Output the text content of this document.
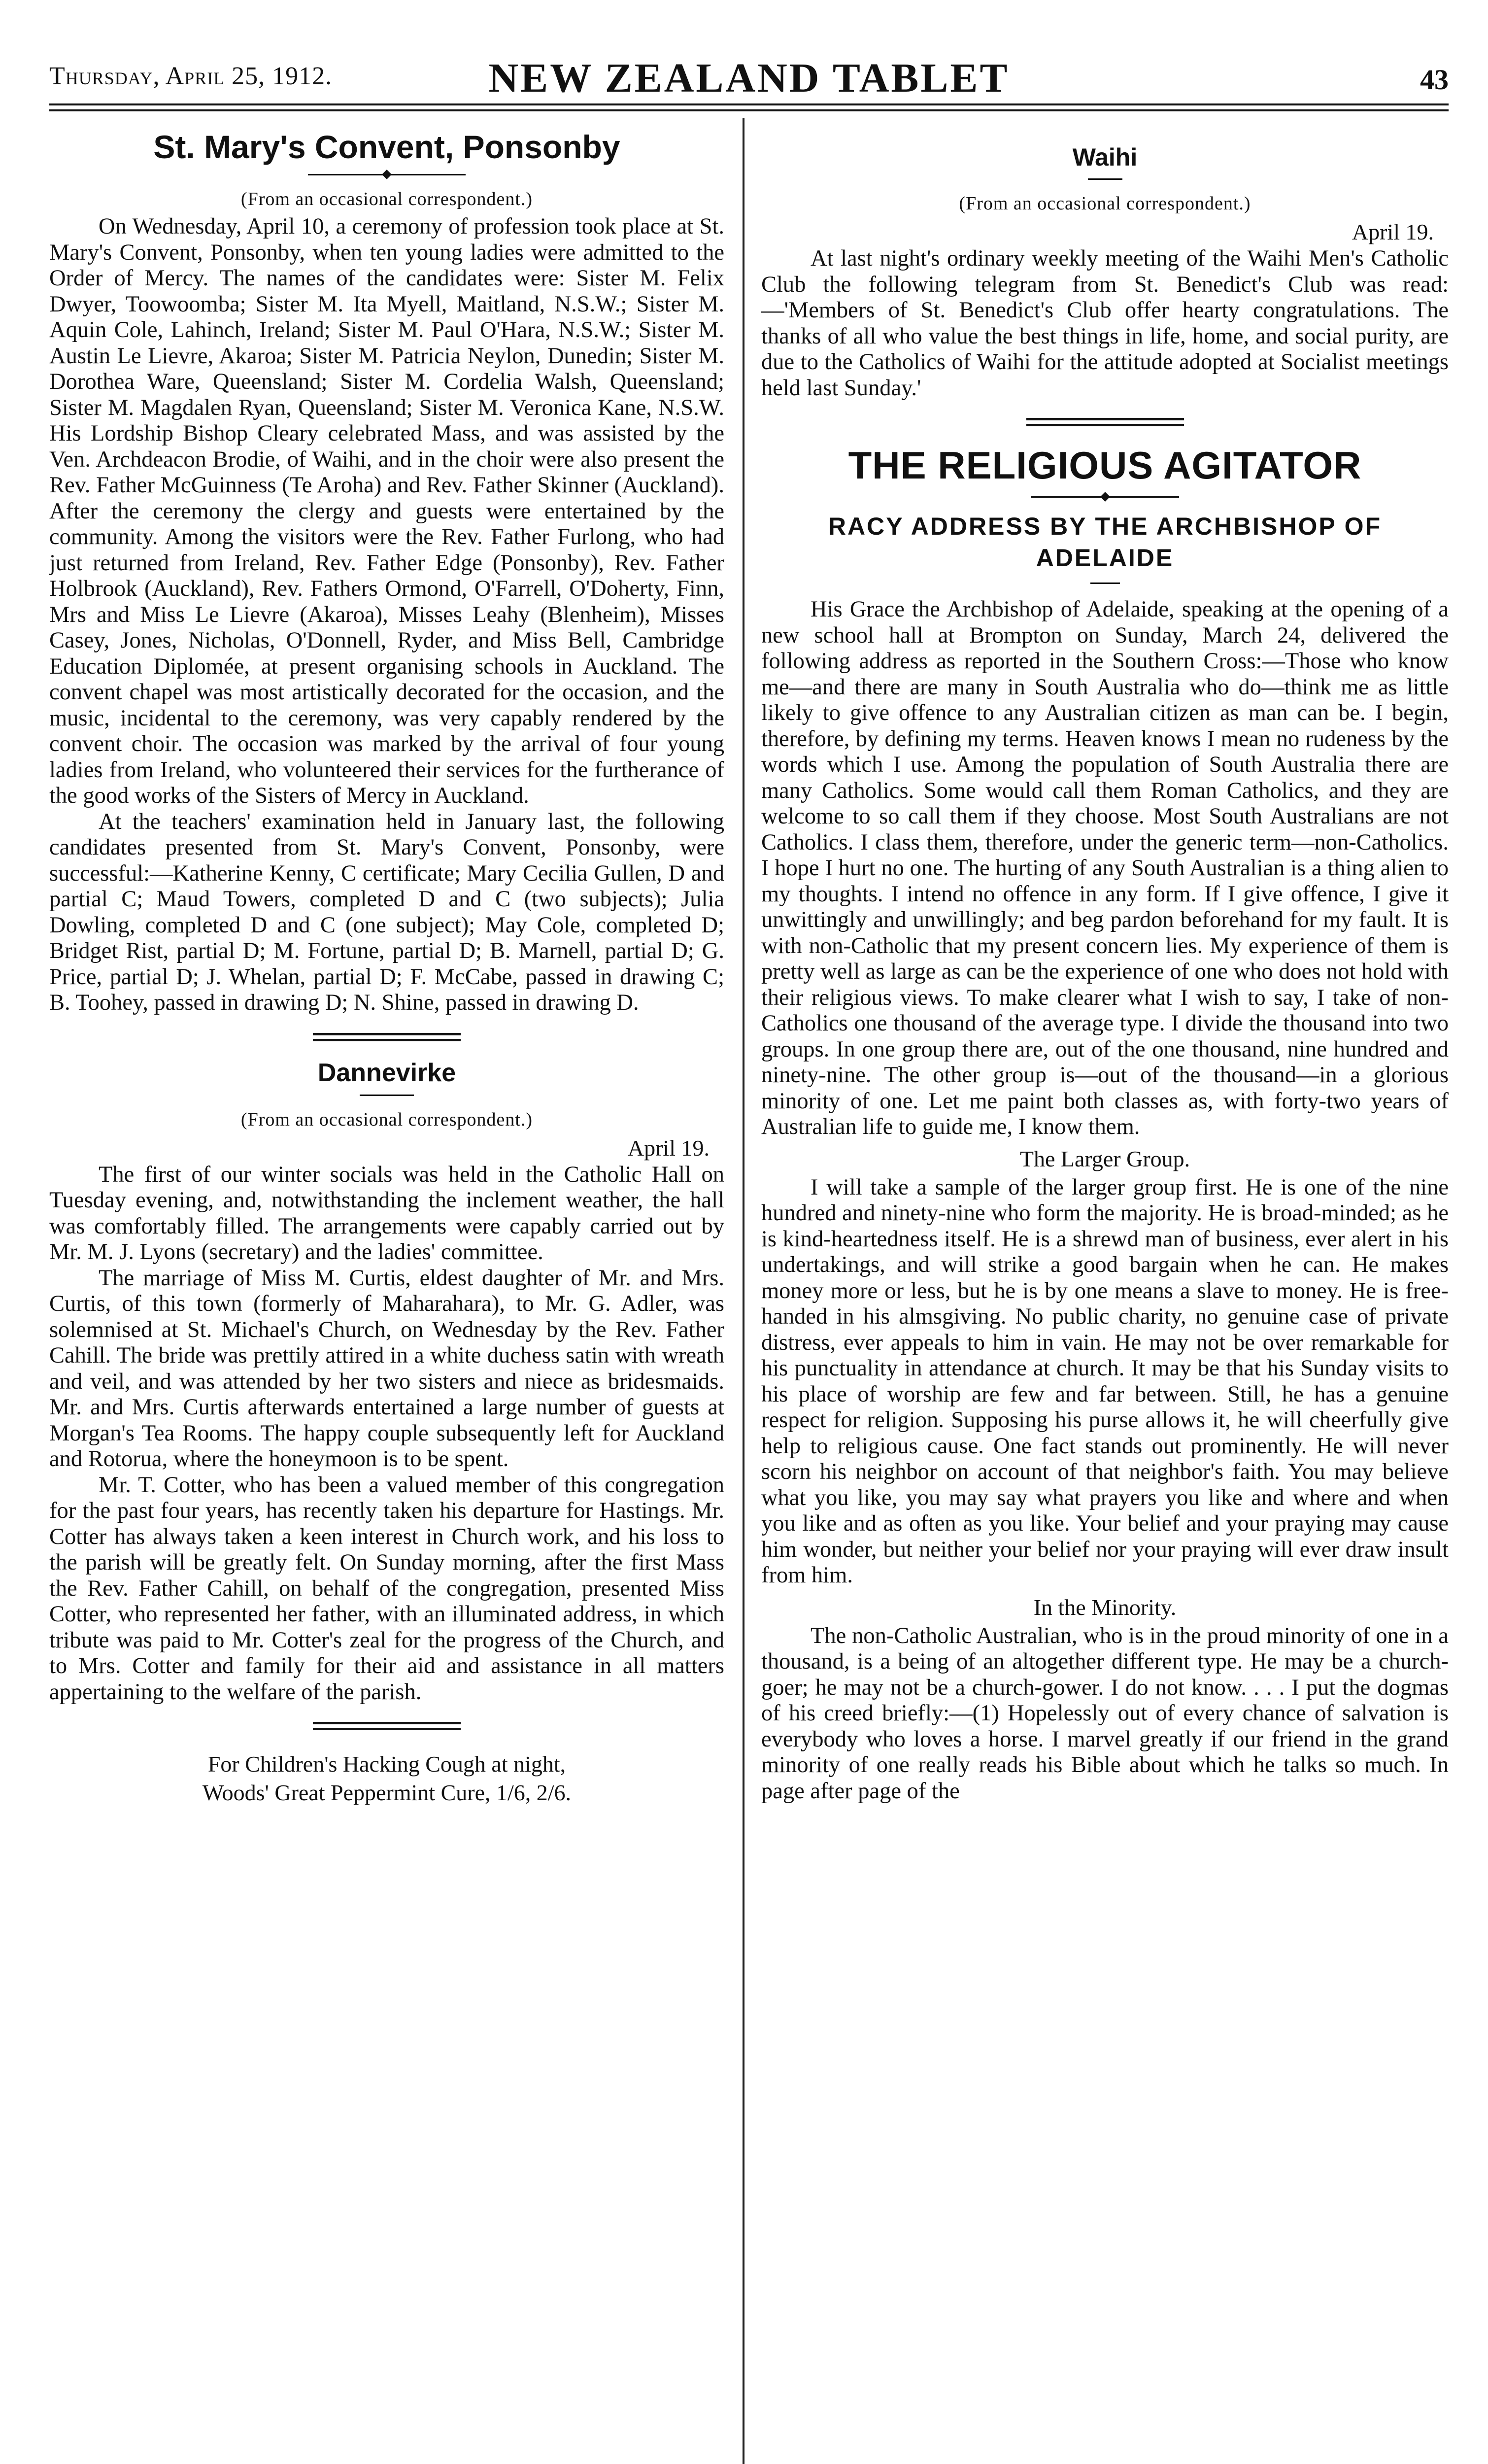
Thursday, April 25, 1912.	NEW ZEALAND TABLET	43
St. Mary's Convent, Ponsonby
(From an occasional correspondent.)

On Wednesday, April 10, a ceremony of profession took place at St. Mary's Convent, Ponsonby, when ten young ladies were admitted to the Order of Mercy. The names of the candidates were: Sister M. Felix Dwyer, Toowoomba; Sister M. Ita Myell, Maitland, N.S.W.; Sister M. Aquin Cole, Lahinch, Ireland; Sister M. Paul O'Hara, N.S.W.; Sister M. Austin Le Lievre, Akaroa; Sister M. Patricia Neylon, Dunedin; Sister M. Dorothea Ware, Queensland; Sister M. Cordelia Walsh, Queensland; Sister M. Magdalen Ryan, Queensland; Sister M. Veronica Kane, N.S.W. His Lordship Bishop Cleary celebrated Mass, and was assisted by the Ven. Archdeacon Brodie, of Waihi, and in the choir were also present the Rev. Father McGuinness (Te Aroha) and Rev. Father Skinner (Auckland). After the ceremony the clergy and guests were entertained by the community. Among the visitors were the Rev. Father Furlong, who had just returned from Ireland, Rev. Father Edge (Ponsonby), Rev. Father Holbrook (Auckland), Rev. Fathers Ormond, O'Farrell, O'Doherty, Finn, Mrs and Miss Le Lievre (Akaroa), Misses Leahy (Blenheim), Misses Casey, Jones, Nicholas, O'Donnell, Ryder, and Miss Bell, Cambridge Education Diplomée, at present organising schools in Auckland. The convent chapel was most artistically decorated for the occasion, and the music, incidental to the ceremony, was very capably rendered by the convent choir. The occasion was marked by the arrival of four young ladies from Ireland, who volunteered their services for the furtherance of the good works of the Sisters of Mercy in Auckland.

At the teachers' examination held in January last, the following candidates presented from St. Mary's Convent, Ponsonby, were successful:—Katherine Kenny, C certificate; Mary Cecilia Gullen, D and partial C; Maud Towers, completed D and C (two subjects); Julia Dowling, completed D and C (one subject); May Cole, completed D; Bridget Rist, partial D; M. Fortune, partial D; B. Marnell, partial D; G. Price, partial D; J. Whelan, partial D; F. McCabe, passed in drawing C; B. Toohey, passed in drawing D; N. Shine, passed in drawing D.

Dannevirke
(From an occasional correspondent.)
April 19.

The first of our winter socials was held in the Catholic Hall on Tuesday evening, and, notwithstanding the inclement weather, the hall was comfortably filled. The arrangements were capably carried out by Mr. M. J. Lyons (secretary) and the ladies' committee.

The marriage of Miss M. Curtis, eldest daughter of Mr. and Mrs. Curtis, of this town (formerly of Maharahara), to Mr. G. Adler, was solemnised at St. Michael's Church, on Wednesday by the Rev. Father Cahill. The bride was prettily attired in a white duchess satin with wreath and veil, and was attended by her two sisters and niece as bridesmaids. Mr. and Mrs. Curtis afterwards entertained a large number of guests at Morgan's Tea Rooms. The happy couple subsequently left for Auckland and Rotorua, where the honeymoon is to be spent.

Mr. T. Cotter, who has been a valued member of this congregation for the past four years, has recently taken his departure for Hastings. Mr. Cotter has always taken a keen interest in Church work, and his loss to the parish will be greatly felt. On Sunday morning, after the first Mass the Rev. Father Cahill, on behalf of the congregation, presented Miss Cotter, who represented her father, with an illuminated address, in which tribute was paid to Mr. Cotter's zeal for the progress of the Church, and to Mrs. Cotter and family for their aid and assistance in all matters appertaining to the welfare of the parish.

For Children's Hacking Cough at night,
Woods' Great Peppermint Cure, 1/6, 2/6.
Waihi
(From an occasional correspondent.)
April 19.

At last night's ordinary weekly meeting of the Waihi Men's Catholic Club the following telegram from St. Benedict's Club was read:—'Members of St. Benedict's Club offer hearty congratulations. The thanks of all who value the best things in life, home, and social purity, are due to the Catholics of Waihi for the attitude adopted at Socialist meetings held last Sunday.'

THE RELIGIOUS AGITATOR
RACY ADDRESS BY THE ARCHBISHOP OF ADELAIDE

His Grace the Archbishop of Adelaide, speaking at the opening of a new school hall at Brompton on Sunday, March 24, delivered the following address as reported in the Southern Cross:—Those who know me—and there are many in South Australia who do—think me as little likely to give offence to any Australian citizen as man can be. I begin, therefore, by defining my terms. Heaven knows I mean no rudeness by the words which I use. Among the population of South Australia there are many Catholics. Some would call them Roman Catholics, and they are welcome to so call them if they choose. Most South Australians are not Catholics. I class them, therefore, under the generic term—non-Catholics. I hope I hurt no one. The hurting of any South Australian is a thing alien to my thoughts. I intend no offence in any form. If I give offence, I give it unwittingly and unwillingly; and beg pardon beforehand for my fault. It is with non-Catholic that my present concern lies. My experience of them is pretty well as large as can be the experience of one who does not hold with their religious views. To make clearer what I wish to say, I take of non-Catholics one thousand of the average type. I divide the thousand into two groups. In one group there are, out of the one thousand, nine hundred and ninety-nine. The other group is—out of the thousand—in a glorious minority of one. Let me paint both classes as, with forty-two years of Australian life to guide me, I know them.

The Larger Group.

I will take a sample of the larger group first. He is one of the nine hundred and ninety-nine who form the majority. He is broad-minded; as he is kind-heartedness itself. He is a shrewd man of business, ever alert in his undertakings, and will strike a good bargain when he can. He makes money more or less, but he is by one means a slave to money. He is free-handed in his almsgiving. No public charity, no genuine case of private distress, ever appeals to him in vain. He may not be over remarkable for his punctuality in attendance at church. It may be that his Sunday visits to his place of worship are few and far between. Still, he has a genuine respect for religion. Supposing his purse allows it, he will cheerfully give help to religious cause. One fact stands out prominently. He will never scorn his neighbor on account of that neighbor's faith. You may believe what you like, you may say what prayers you like and where and when you like and as often as you like. Your belief and your praying may cause him wonder, but neither your belief nor your praying will ever draw insult from him.

In the Minority.

The non-Catholic Australian, who is in the proud minority of one in a thousand, is a being of an altogether different type. He may be a church-goer; he may not be a church-gower. I do not know. . . . I put the dogmas of his creed briefly:—(1) Hopelessly out of every chance of salvation is everybody who loves a horse. I marvel greatly if our friend in the grand minority of one really reads his Bible about which he talks so much. In page after page of the
